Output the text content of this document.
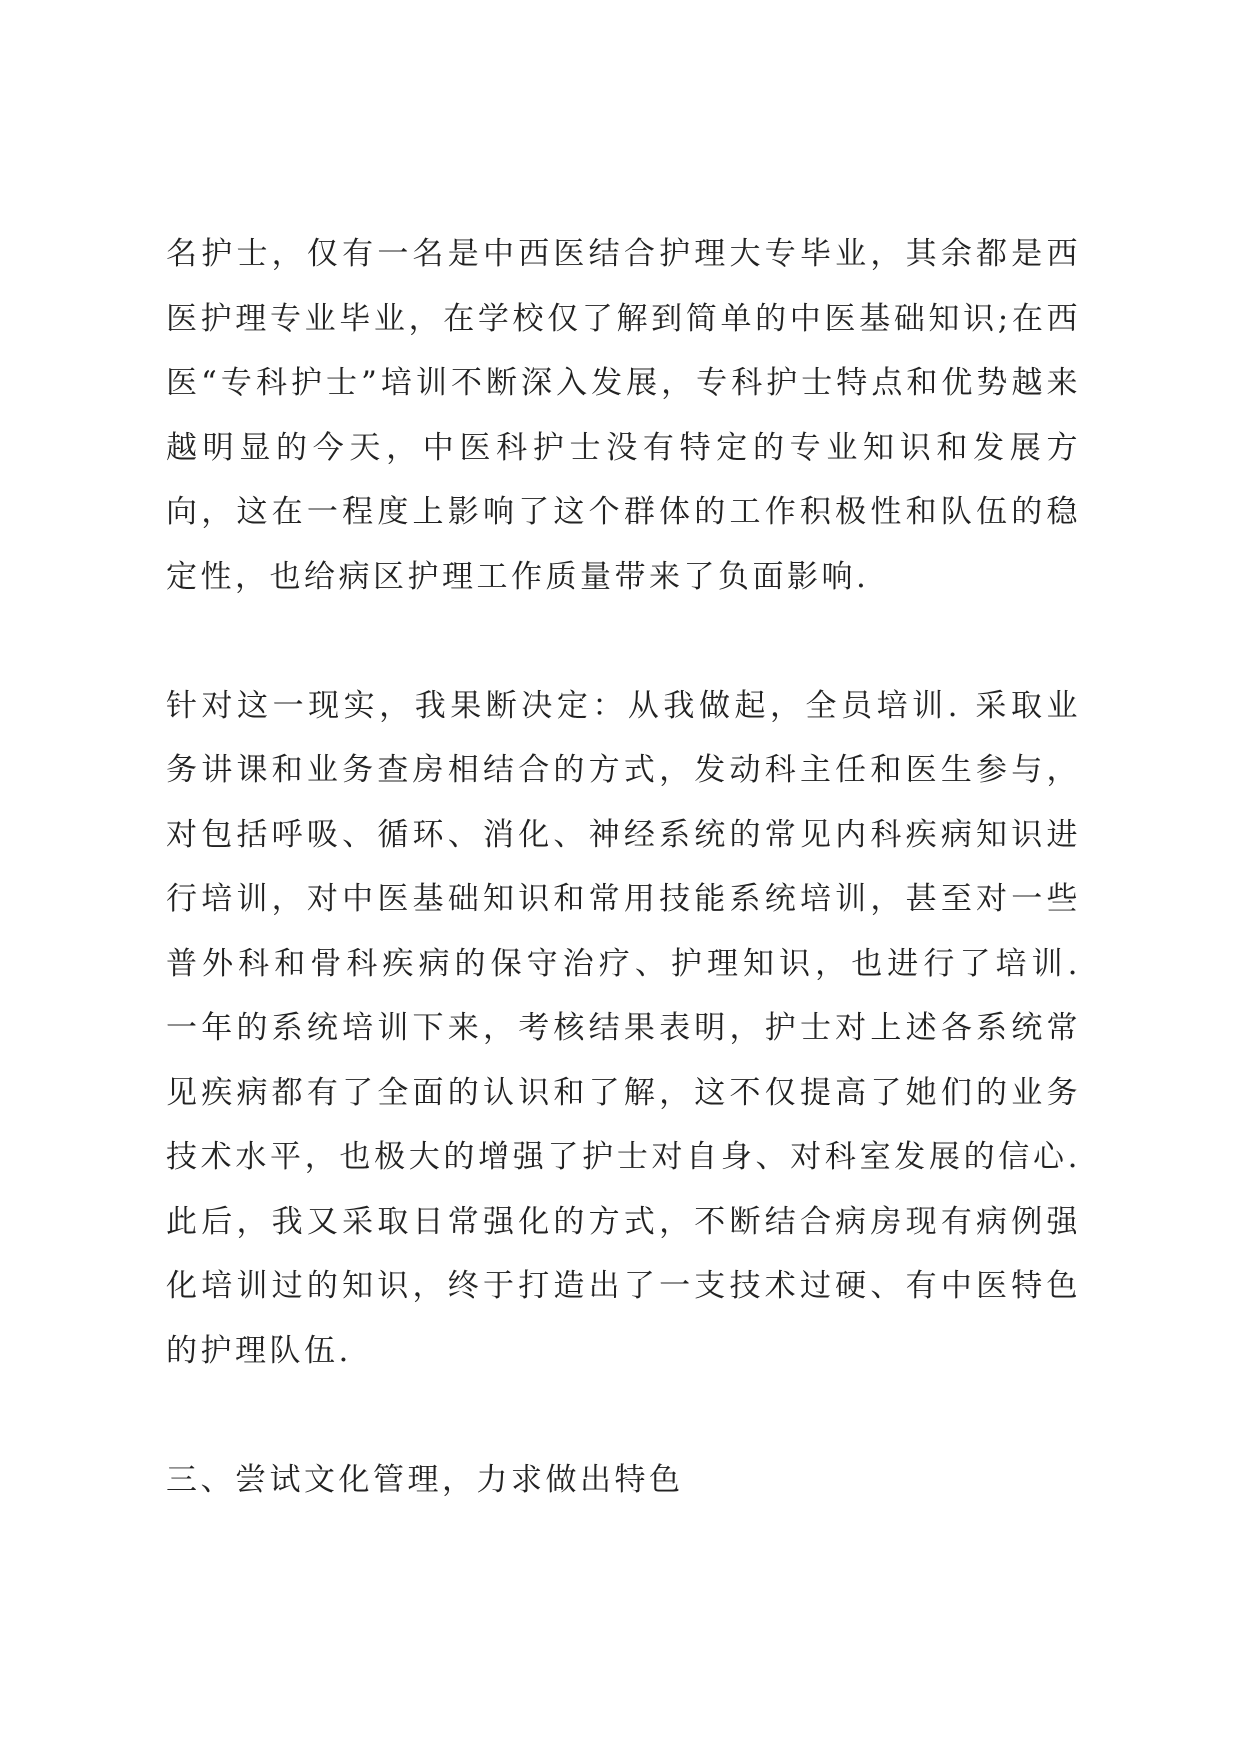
名护士，仅有一名是中西医结合护理大专毕业，其余都是西医护理专业毕业，在学校仅了解到简单的中医基础知识;在西医“专科护士”培训不断深入发展，专科护士特点和优势越来越明显的今天，中医科护士没有特定的专业知识和发展方向，这在一程度上影响了这个群体的工作积极性和队伍的稳定性，也给病区护理工作质量带来了负面影响.

针对这一现实，我果断决定：从我做起，全员培训. 采取业务讲课和业务查房相结合的方式，发动科主任和医生参与，对包括呼吸、循环、消化、神经系统的常见内科疾病知识进行培训，对中医基础知识和常用技能系统培训，甚至对一些普外科和骨科疾病的保守治疗、护理知识，也进行了培训. 一年的系统培训下来，考核结果表明，护士对上述各系统常见疾病都有了全面的认识和了解，这不仅提高了她们的业务技术水平，也极大的增强了护士对自身、对科室发展的信心. 此后，我又采取日常强化的方式，不断结合病房现有病例强化培训过的知识，终于打造出了一支技术过硬、有中医特色的护理队伍.

三、尝试文化管理，力求做出特色
